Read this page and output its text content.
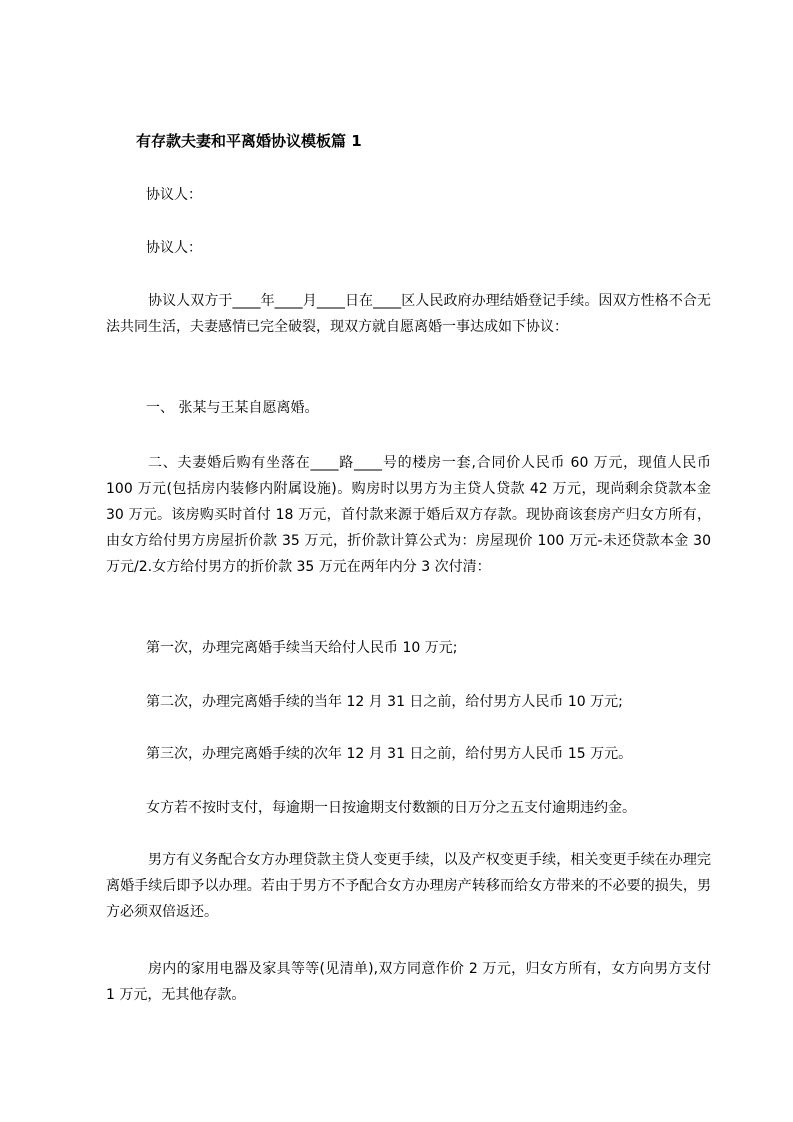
有存款夫妻和平离婚协议模板篇 1
协议人：
协议人：

协议人双方于____年____月____日在____区人民政府办理结婚登记手续。因双方性格不合无法共同生活，夫妻感情已完全破裂，现双方就自愿离婚一事达成如下协议：

一、 张某与王某自愿离婚。

二、夫妻婚后购有坐落在____路____号的楼房一套,合同价人民币 60 万元，现值人民币 100 万元(包括房内装修内附属设施)。购房时以男方为主贷人贷款 42 万元，现尚剩余贷款本金 30 万元。该房购买时首付 18 万元，首付款来源于婚后双方存款。现协商该套房产归女方所有，由女方给付男方房屋折价款 35 万元，折价款计算公式为：房屋现价 100 万元-未还贷款本金 30 万元/2.女方给付男方的折价款 35 万元在两年内分 3 次付清：

第一次，办理完离婚手续当天给付人民币 10 万元;
第二次，办理完离婚手续的当年 12 月 31 日之前，给付男方人民币 10 万元;
第三次，办理完离婚手续的次年 12 月 31 日之前，给付男方人民币 15 万元。
女方若不按时支付，每逾期一日按逾期支付数额的日万分之五支付逾期违约金。

男方有义务配合女方办理贷款主贷人变更手续，以及产权变更手续，相关变更手续在办理完离婚手续后即予以办理。若由于男方不予配合女方办理房产转移而给女方带来的不必要的损失，男方必须双倍返还。

房内的家用电器及家具等等(见清单),双方同意作价 2 万元，归女方所有，女方向男方支付 1 万元，无其他存款。
